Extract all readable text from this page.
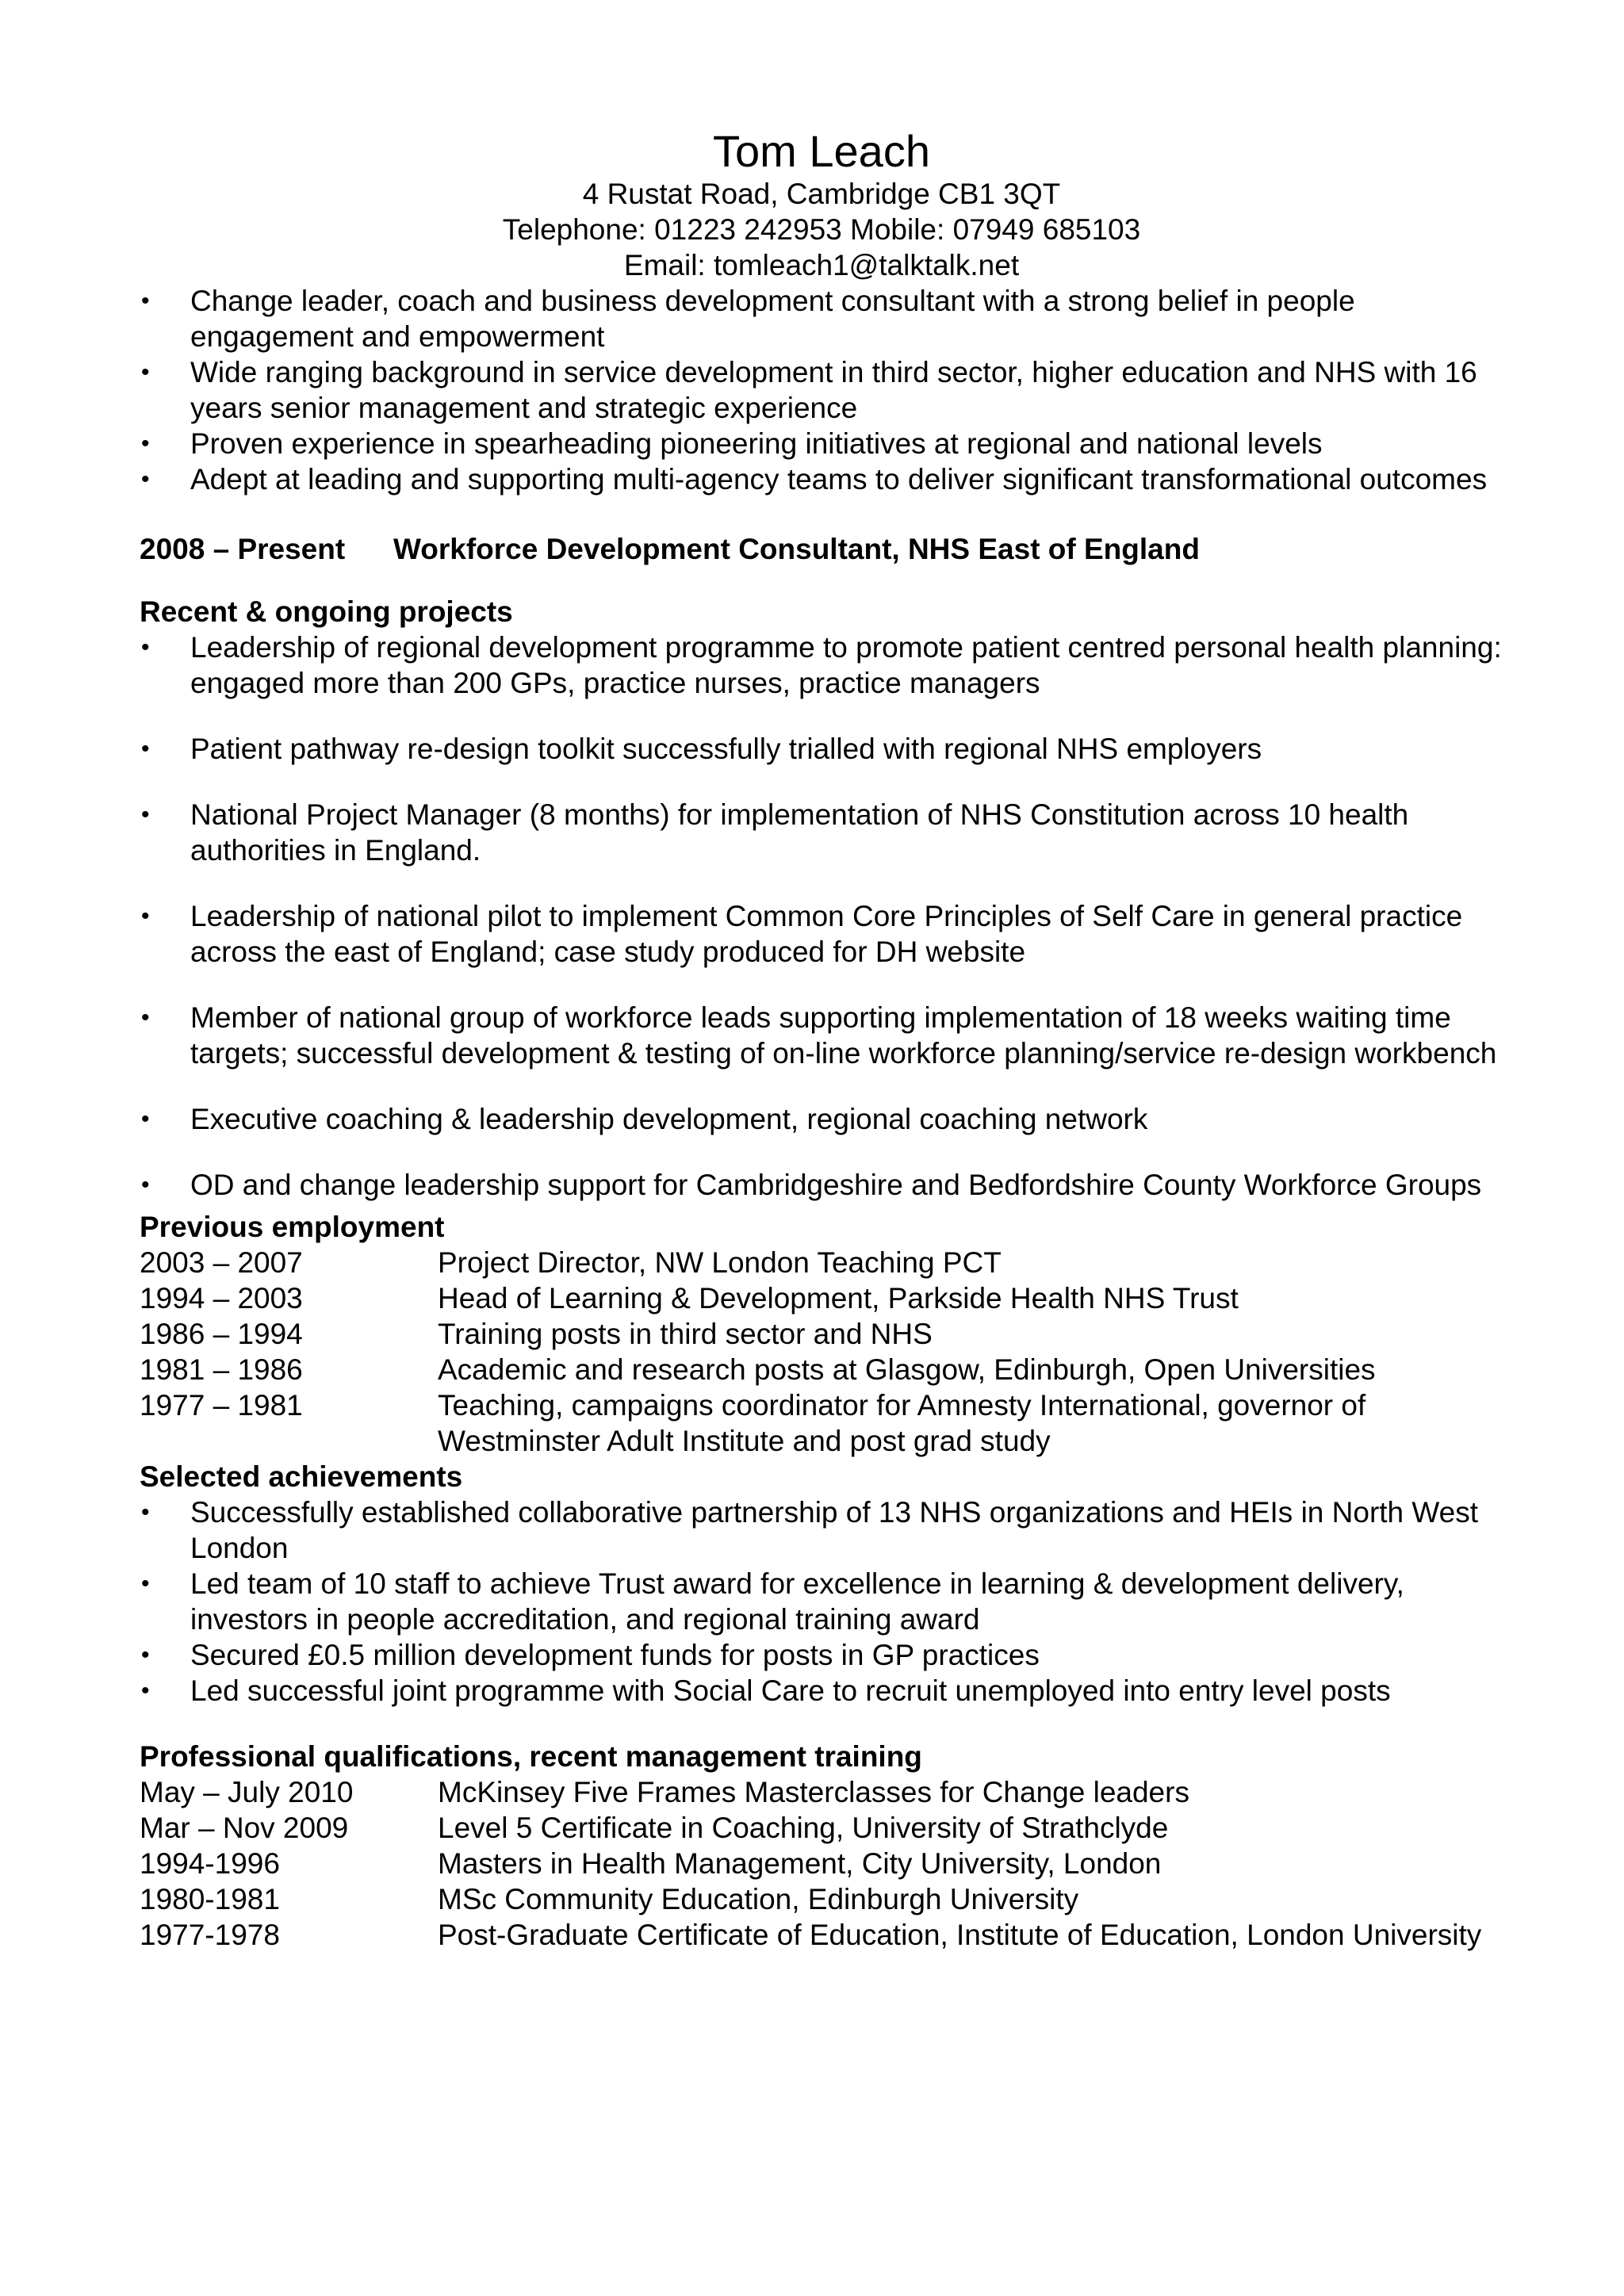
Tom Leach
4 Rustat Road, Cambridge CB1 3QT
Telephone: 01223 242953 Mobile: 07949 685103
Email: tomleach1@talktalk.net
• Change leader, coach and business development consultant with a strong belief in people engagement and empowerment
• Wide ranging background in service development in third sector, higher education and NHS with 16 years senior management and strategic experience
• Proven experience in spearheading pioneering initiatives at regional and national levels
• Adept at leading and supporting multi-agency teams to deliver significant transformational outcomes
2008 – Present Workforce Development Consultant, NHS East of England
Recent & ongoing projects
• Leadership of regional development programme to promote patient centred personal health planning: engaged more than 200 GPs, practice nurses, practice managers
• Patient pathway re-design toolkit successfully trialled with regional NHS employers
• National Project Manager (8 months) for implementation of NHS Constitution across 10 health authorities in England.
• Leadership of national pilot to implement Common Core Principles of Self Care in general practice across the east of England; case study produced for DH website
• Member of national group of workforce leads supporting implementation of 18 weeks waiting time targets; successful development & testing of on-line workforce planning/service re-design workbench
• Executive coaching & leadership development, regional coaching network
• OD and change leadership support for Cambridgeshire and Bedfordshire County Workforce Groups
Previous employment
2003 – 2007	Project Director, NW London Teaching PCT
1994 – 2003	Head of Learning & Development, Parkside Health NHS Trust
1986 – 1994	Training posts in third sector and NHS
1981 – 1986	Academic and research posts at Glasgow, Edinburgh, Open Universities
1977 – 1981	Teaching, campaigns coordinator for Amnesty International, governor of Westminster Adult Institute and post grad study
Selected achievements
• Successfully established collaborative partnership of 13 NHS organizations and HEIs in North West London
• Led team of 10 staff to achieve Trust award for excellence in learning & development delivery, investors in people accreditation, and regional training award
• Secured £0.5 million development funds for posts in GP practices
• Led successful joint programme with Social Care to recruit unemployed into entry level posts
Professional qualifications, recent management training
May – July 2010	McKinsey Five Frames Masterclasses for Change leaders
Mar – Nov 2009	Level 5 Certificate in Coaching, University of Strathclyde
1994-1996	Masters in Health Management, City University, London
1980-1981	MSc Community Education, Edinburgh University
1977-1978	Post-Graduate Certificate of Education, Institute of Education, London University
